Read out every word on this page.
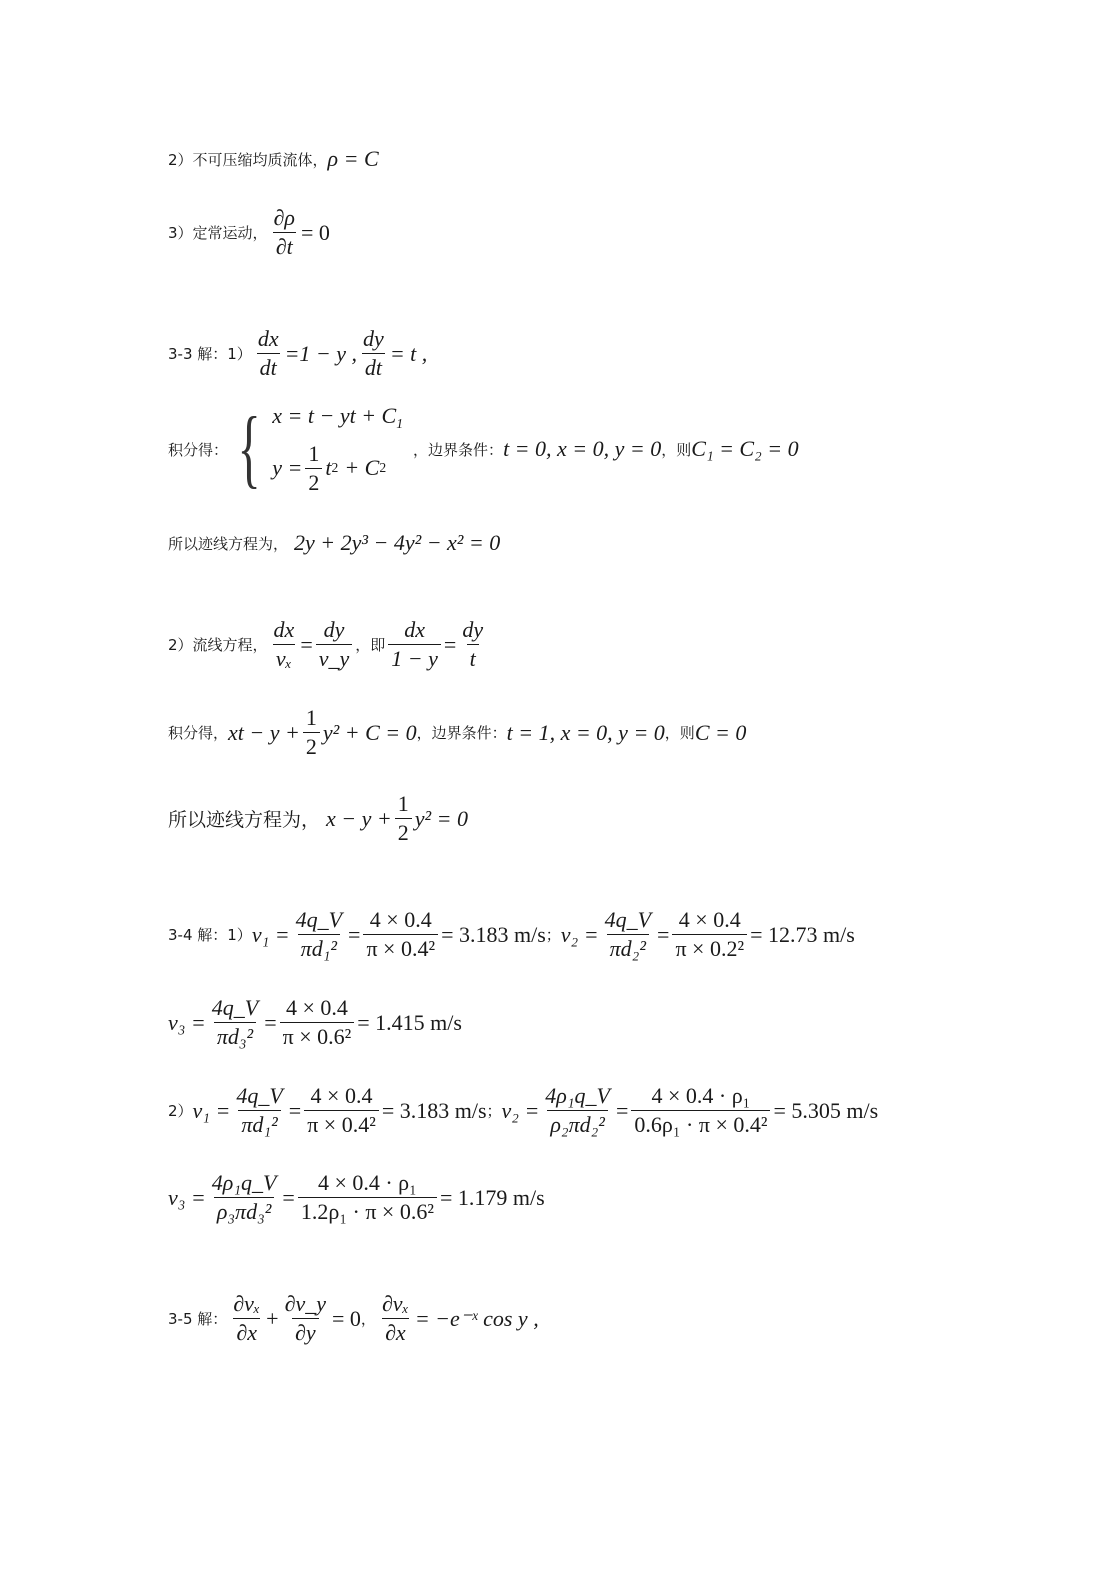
2）不可压缩均质流体， ρ = C
3）定常运动， $\frac{\partial\rho}{\partial t} = 0$
3-3 解：$1) \frac{dx}{dt} =1 - y$ , $\frac{dy}{dt} = t$ ,
积分得： { x = t − yt + $C_1$
$y = \frac{1}{2}$ t 2 + C 2
，边界条件： t = 0, x = 0, y = 0 ，则 C₁ = C₂ = 0
所以迹线方程为， 2y + 2y³ − 4y² − x² = 0
2）流线方程， $\frac{dx}{\text{vₓ}} = \frac{dy}{v\_y}$ ，即 $\frac{dx}{1 - y} = \frac{dy}{t}$
积分得， xt − $y + \frac{1}{2} y^2 + C = 0$ ，边界条件： t = 1, x = 0, y = 0 ，则 C = 0
所以迹线方程为， $x - y + \frac{1}{2} y^2 = 0$
3-4 解：1） $v_1 = \frac{4q\_V}{\text{πd₁²}} = \frac{4 \times 0.4}{\text{π × 0.4²}} = 3.183$ m/s ； $v_2 = \frac{4q\_V}{\text{πd₂²}} = \frac{4 \times 0.4}{\text{π × 0.2²}} = 12.73$ m/s
$v_3 = \frac{4q\_V}{\text{πd₃²}} = \frac{4 \times 0.4}{\text{π × 0.6²}} = 1.415$ m/s
2） $v_1 = \frac{4q\_V}{\text{πd₁²}} = \frac{4 \times 0.4}{\text{π × 0.4²}} = 3.183$ m/s ； $v_2 = \frac{\text{4ρ₁q\_V}}{\text{ρ₂πd₂²}} = \frac{\text{4 × 0.4 · ρ₁}}{\text{0.6ρ₁ · π × 0.4²}} = 5.305$ m/s
$v_3 = \frac{\text{4ρ₁q\_V}}{\text{ρ₃πd₃²}} = \frac{\text{4 × 0.4 · ρ₁}}{\text{1.2ρ₁ · π × 0.6²}} = 1.179$ m/s
3-5 解： $\frac{\text{∂vₓ}}{\partial x} + \frac{\partial v\_y}{\partial y} = 0$ ， $\frac{\text{∂vₓ}}{\partial x}$ = −e⁻ˣ cos y ,
